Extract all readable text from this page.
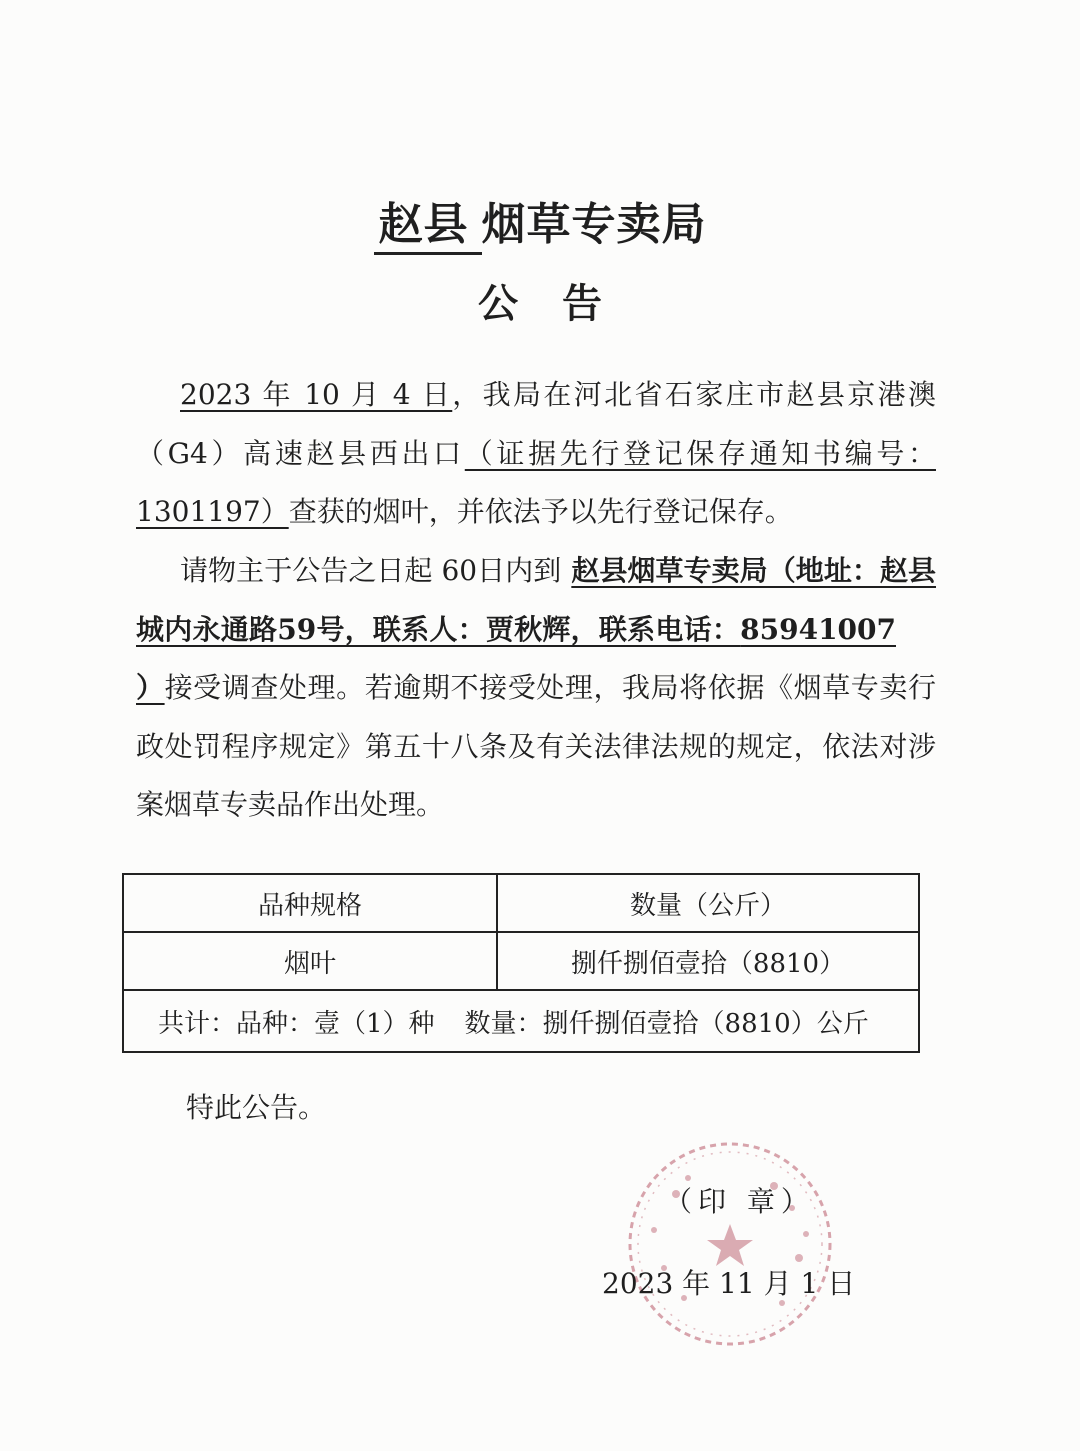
赵县 烟草专卖局
公告
2023 年 10 月 4 日，我局在河北省石家庄市赵县京港澳（G4）高速赵县西出口（证据先行登记保存通知书编号：1301197）查获的烟叶，并依法予以先行登记保存。
请物主于公告之日起 60日内到 赵县烟草专卖局（地址：赵县城内永通路59号，联系人：贾秋辉，联系电话：85941007）接受调查处理。若逾期不接受处理，我局将依据《烟草专卖行政处罚程序规定》第五十八条及有关法律法规的规定，依法对涉案烟草专卖品作出处理。
品种规格	数量（公斤）
烟叶	捌仟捌佰壹拾（8810）
共计：品种：壹（1）种 数量：捌仟捌佰壹拾（8810）公斤
特此公告。
（印 章）
2023 年 11 月 1 日
